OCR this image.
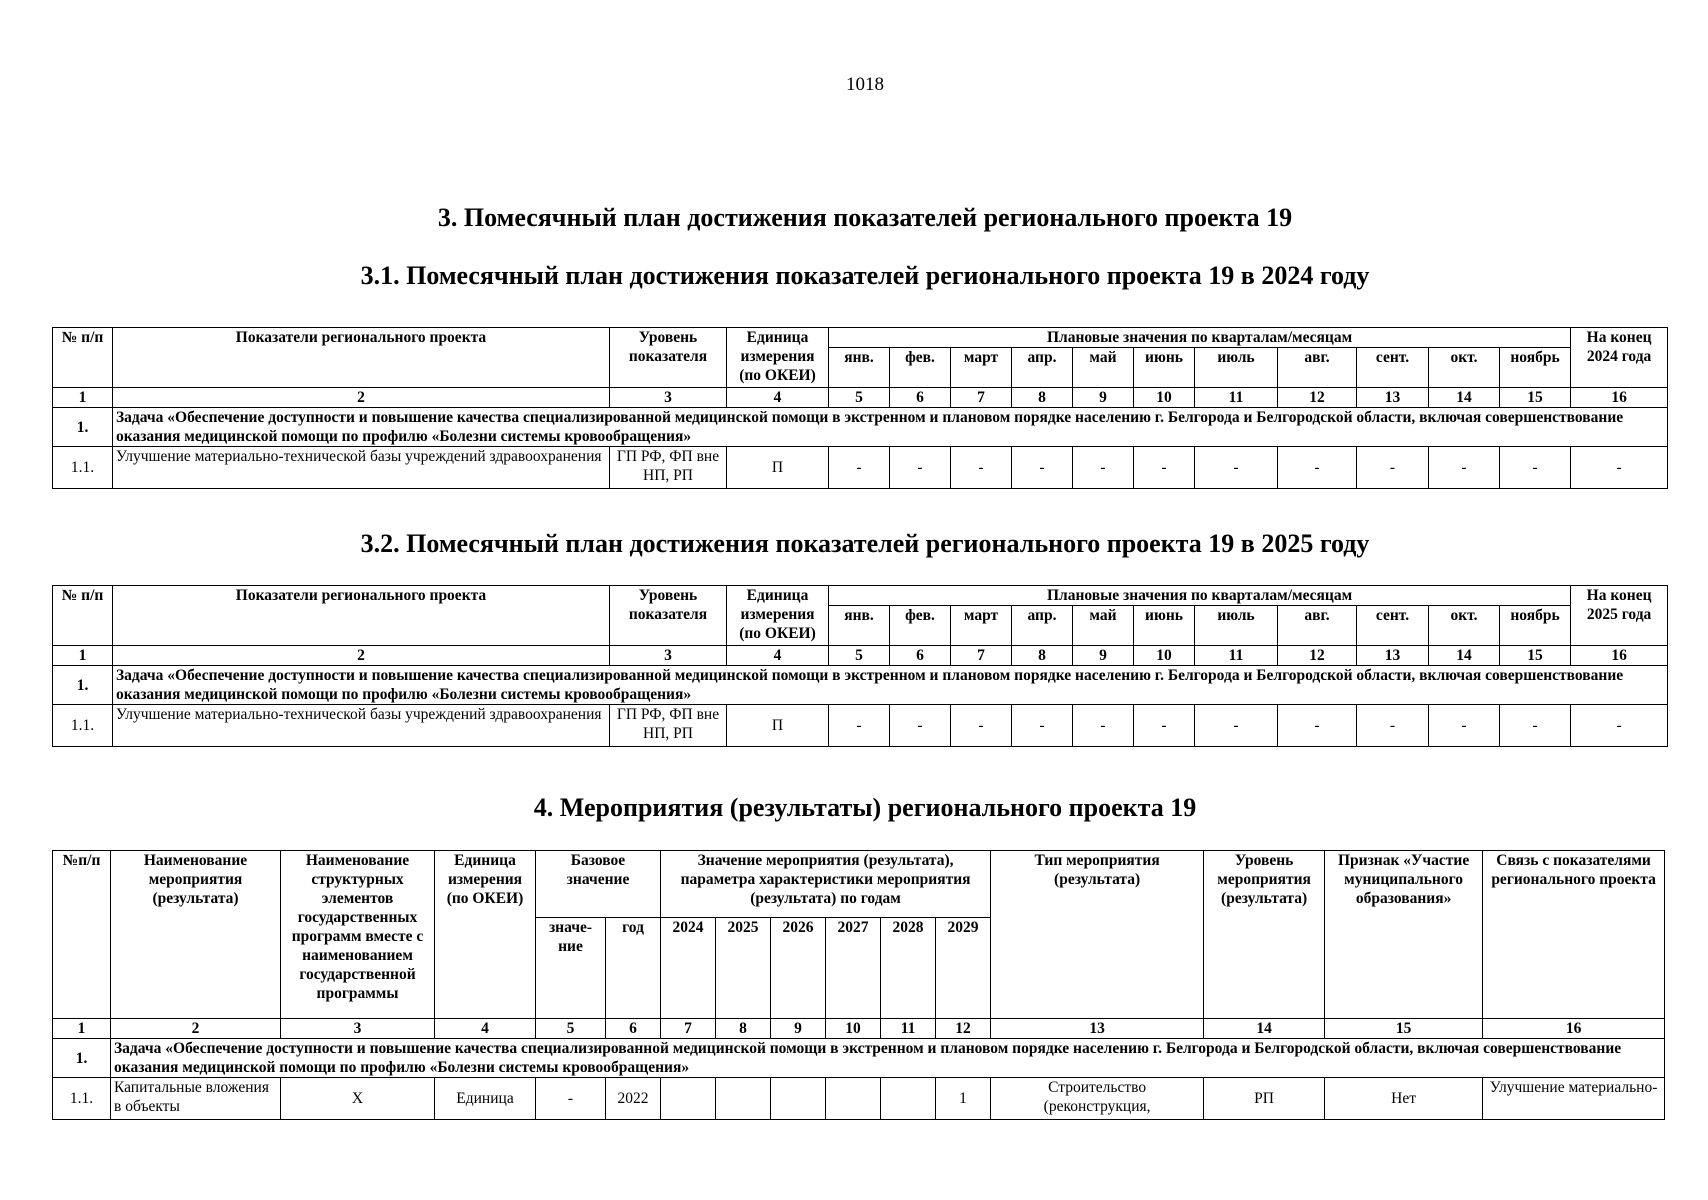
1018
3. Помесячный план достижения показателей регионального проекта 19
3.1. Помесячный план достижения показателей регионального проекта 19 в 2024 году
3.2. Помесячный план достижения показателей регионального проекта 19 в 2025 году
4. Мероприятия (результаты) регионального проекта 19
№ п/п	Показатели регионального проекта	Уровень показателя	Единица измерения (по ОКЕИ)	Плановые значения по кварталам/месяцам											На конец 2024 года
				янв.	фев.	март	апр.	май	июнь	июль	авг.	сент.	окт.	ноябрь	
1	2	3	4	5	6	7	8	9	10	11	12	13	14	15	16
1.	Задача «Обеспечение доступности и повышение качества специализированной медицинской помощи в экстренном и плановом порядке населению г. Белгорода и Белгородской области, включая совершенствование оказания медицинской помощи по профилю «Болезни системы кровообращения»														
1.1.	Улучшение материально-технической базы учреждений здравоохранения	ГП РФ, ФП вне НП, РП	П	-	-	-	-	-	-	-	-	-	-	-	-
№ п/п	Показатели регионального проекта	Уровень показателя	Единица измерения (по ОКЕИ)	Плановые значения по кварталам/месяцам											На конец 2025 года
				янв.	фев.	март	апр.	май	июнь	июль	авг.	сент.	окт.	ноябрь	
1	2	3	4	5	6	7	8	9	10	11	12	13	14	15	16
1.	Задача «Обеспечение доступности и повышение качества специализированной медицинской помощи в экстренном и плановом порядке населению г. Белгорода и Белгородской области, включая совершенствование оказания медицинской помощи по профилю «Болезни системы кровообращения»														
1.1.	Улучшение материально-технической базы учреждений здравоохранения	ГП РФ, ФП вне НП, РП	П	-	-	-	-	-	-	-	-	-	-	-	-
№п/п	Наименование мероприятия (результата)	Наименование структурных элементов государственных программ вместе с наименованием государственной программы	Единица измерения (по ОКЕИ)	Базовое значение		Значение мероприятия (результата), параметра характеристики мероприятия (результата) по годам						Тип мероприятия (результата)	Уровень мероприятия (результата)	Признак «Участие муниципального образования»	Связь с показателями регионального проекта
				значе-ние	год	2024	2025	2026	2027	2028	2029				
1	2	3	4	5	6	7	8	9	10	11	12	13	14	15	16
1.	Задача «Обеспечение доступности и повышение качества специализированной медицинской помощи в экстренном и плановом порядке населению г. Белгорода и Белгородской области, включая совершенствование оказания медицинской помощи по профилю «Болезни системы кровообращения»														
1.1.	Капитальные вложения в объекты	Х	Единица	-	2022						1	Строительство (реконструкция,	РП	Нет	Улучшение материально-
